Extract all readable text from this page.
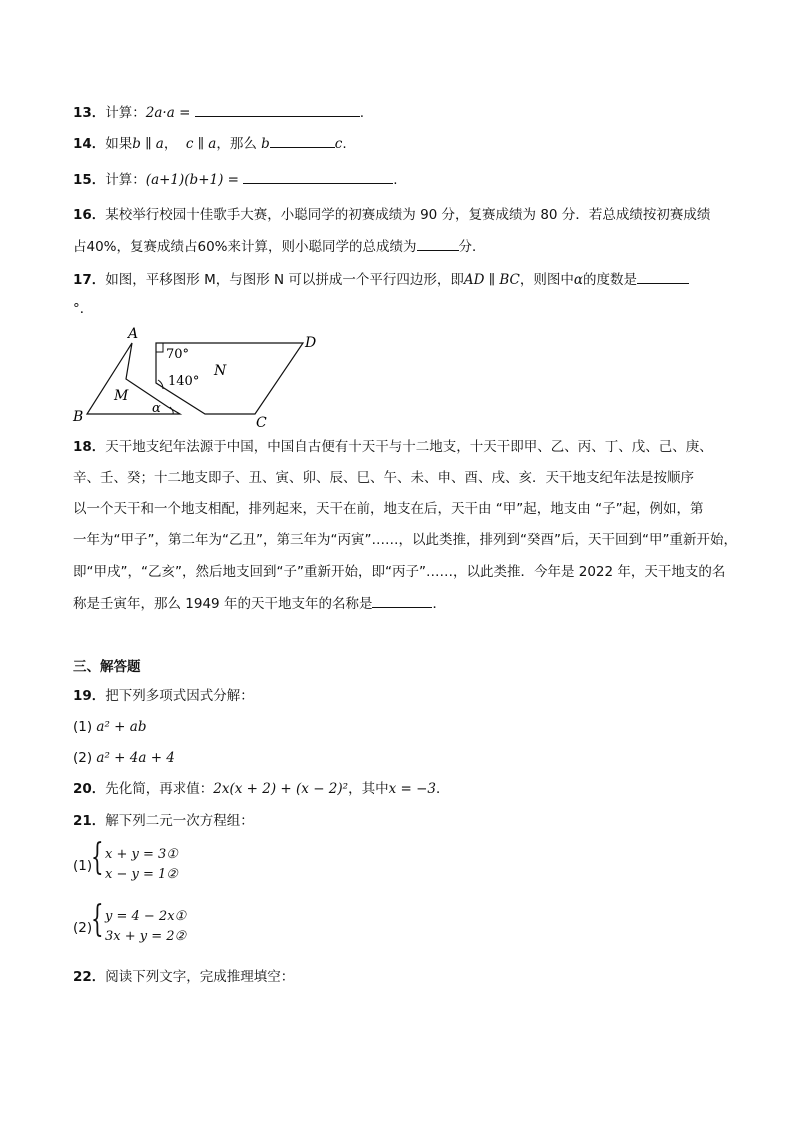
13．计算：2a·a =	.
14．如果b ∥ a， c ∥ a，那么 b	c.
15．计算：(a+1)(b+1) =	.
16．某校举行校园十佳歌手大赛，小聪同学的初赛成绩为 90 分，复赛成绩为 80 分．若总成绩按初赛成绩
占40%，复赛成绩占60%来计算，则小聪同学的总成绩为	分．
17．如图，平移图形 M，与图形 N 可以拼成一个平行四边形，即AD ∥ BC，则图中α的度数是
°．
A
B	C
D
M
N
α
70°
140°
18．天干地支纪年法源于中国，中国自古便有十天干与十二地支，十天干即甲、乙、丙、丁、戊、己、庚、
辛、壬、癸；十二地支即子、丑、寅、卯、辰、巳、午、未、申、酉、戌、亥．天干地支纪年法是按顺序
以一个天干和一个地支相配，排列起来，天干在前，地支在后，天干由 “甲”起，地支由 “子”起，例如，第
一年为“甲子”，第二年为“乙丑”，第三年为“丙寅”……，以此类推，排列到“癸酉”后，天干回到“甲”重新开始，
即“甲戌”，“乙亥”，然后地支回到“子”重新开始，即“丙子”……，以此类推．今年是 2022 年，天干地支的名
称是壬寅年，那么 1949 年的天干地支年的名称是	．
三、解答题
19．把下列多项式因式分解：
(1) a² + ab
(2) a² + 4a + 4
20．先化简，再求值：2x(x + 2) + (x − 2)²，其中x = −3．
21．解下列二元一次方程组：
(1)
{ x + y = 3①
x − y = 1②
(2)
{ y = 4 − 2x①
3x + y = 2②
22．阅读下列文字，完成推理填空：
